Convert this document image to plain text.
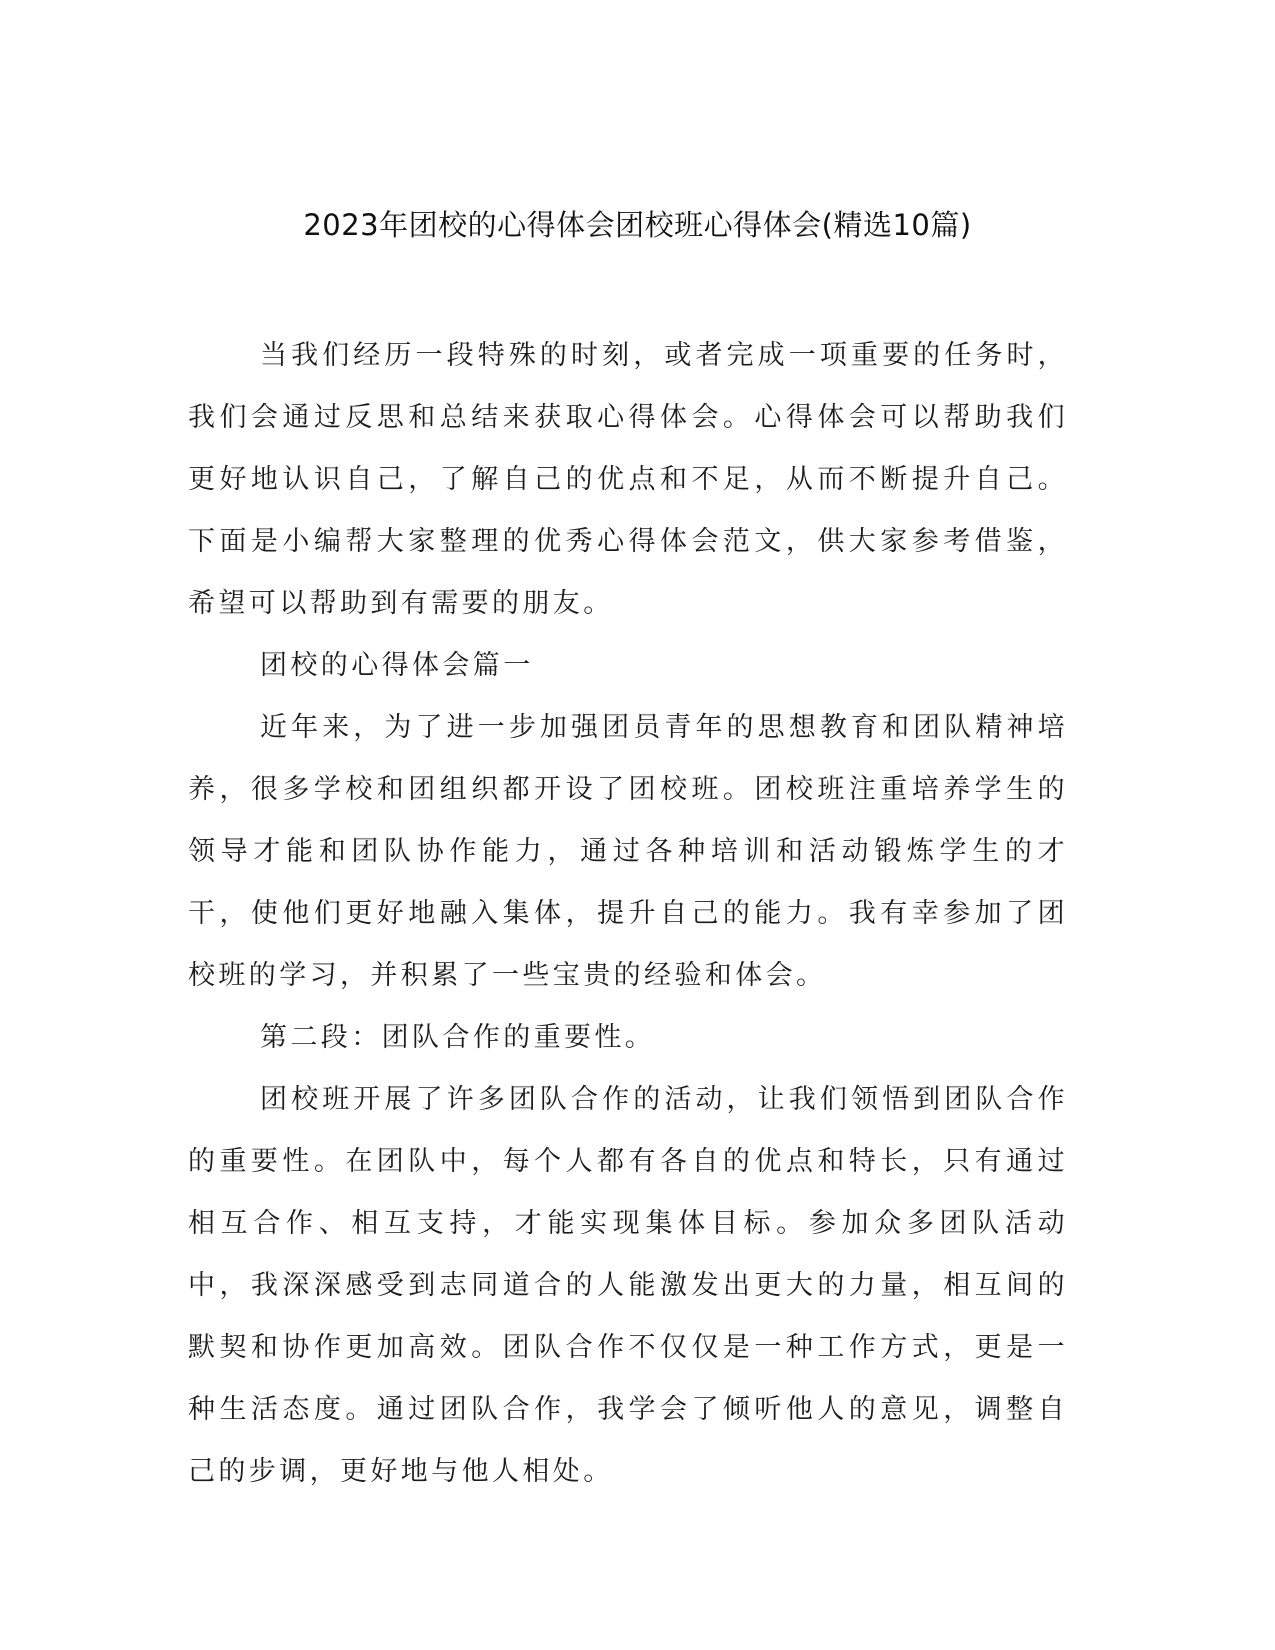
2023年团校的心得体会团校班心得体会(精选10篇)

当我们经历一段特殊的时刻，或者完成一项重要的任务时，我们会通过反思和总结来获取心得体会。心得体会可以帮助我们更好地认识自己，了解自己的优点和不足，从而不断提升自己。下面是小编帮大家整理的优秀心得体会范文，供大家参考借鉴，希望可以帮助到有需要的朋友。

团校的心得体会篇一

近年来，为了进一步加强团员青年的思想教育和团队精神培养，很多学校和团组织都开设了团校班。团校班注重培养学生的领导才能和团队协作能力，通过各种培训和活动锻炼学生的才干，使他们更好地融入集体，提升自己的能力。我有幸参加了团校班的学习，并积累了一些宝贵的经验和体会。

第二段：团队合作的重要性。

团校班开展了许多团队合作的活动，让我们领悟到团队合作的重要性。在团队中，每个人都有各自的优点和特长，只有通过相互合作、相互支持，才能实现集体目标。参加众多团队活动中，我深深感受到志同道合的人能激发出更大的力量，相互间的默契和协作更加高效。团队合作不仅仅是一种工作方式，更是一种生活态度。通过团队合作，我学会了倾听他人的意见，调整自己的步调，更好地与他人相处。
